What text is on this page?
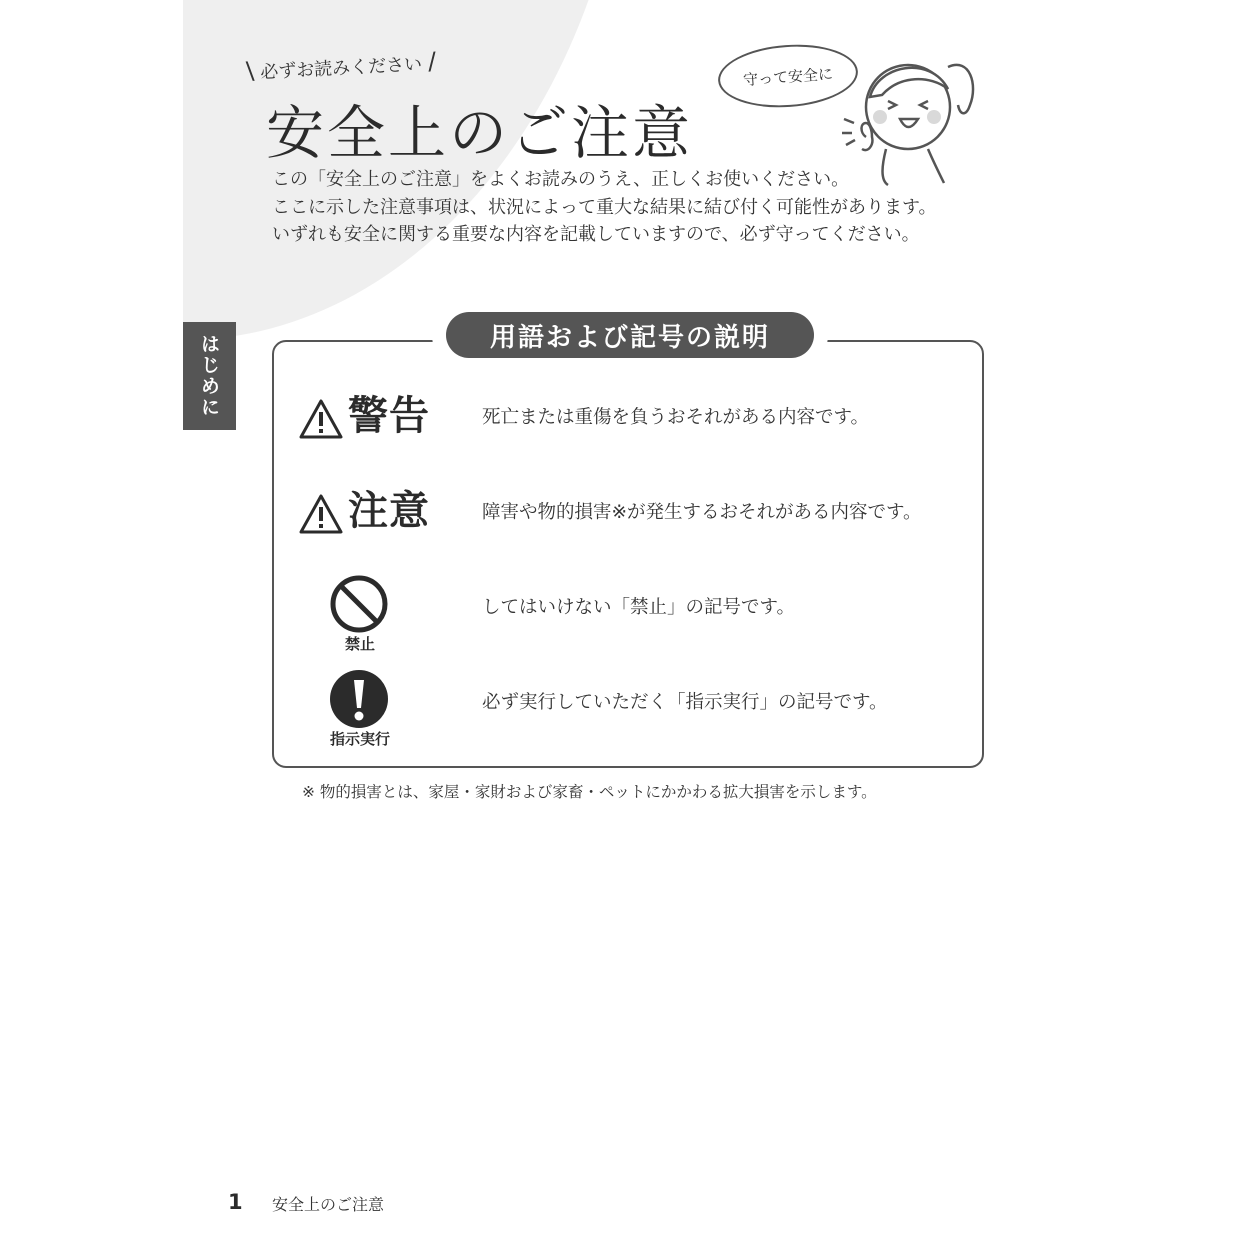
はじめに
\ 必ずお読みください /
安全上のご注意

この「安全上のご注意」をよくお読みのうえ、正しくお使いください。

ここに示した注意事項は、状況によって重大な結果に結び付く可能性があります。

いずれも安全に関する重要な内容を記載していますので、必ず守ってください。

守って安全に
用語および記号の説明
警告	死亡または重傷を負うおそれがある内容です。
注意	障害や物的損害※が発生するおそれがある内容です。
禁止
してはいけない「禁止」の記号です。
指示実行
必ず実行していただく「指示実行」の記号です。
※ 物的損害とは、家屋・家財および家畜・ペットにかかわる拡大損害を示します。
1 安全上のご注意
